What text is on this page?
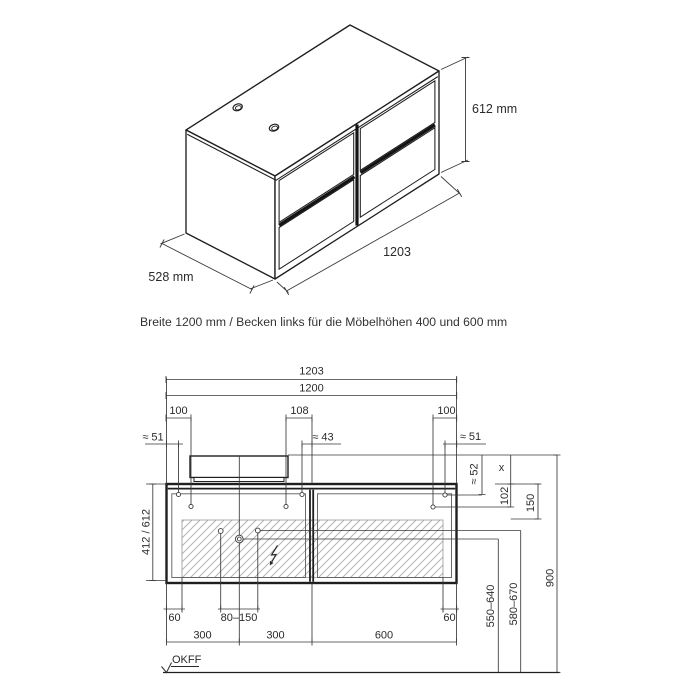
612 mm
1203
528 mm
Breite 1200 mm / Becken links für die Möbelhöhen 400 und 600 mm
1203
1200
100	108	100
≈ 51	≈ 43	≈ 51
≈ 52 x
102 150
900
550–640 580–670
412 / 612
60	80–150	60
300	300	600
OKFF
